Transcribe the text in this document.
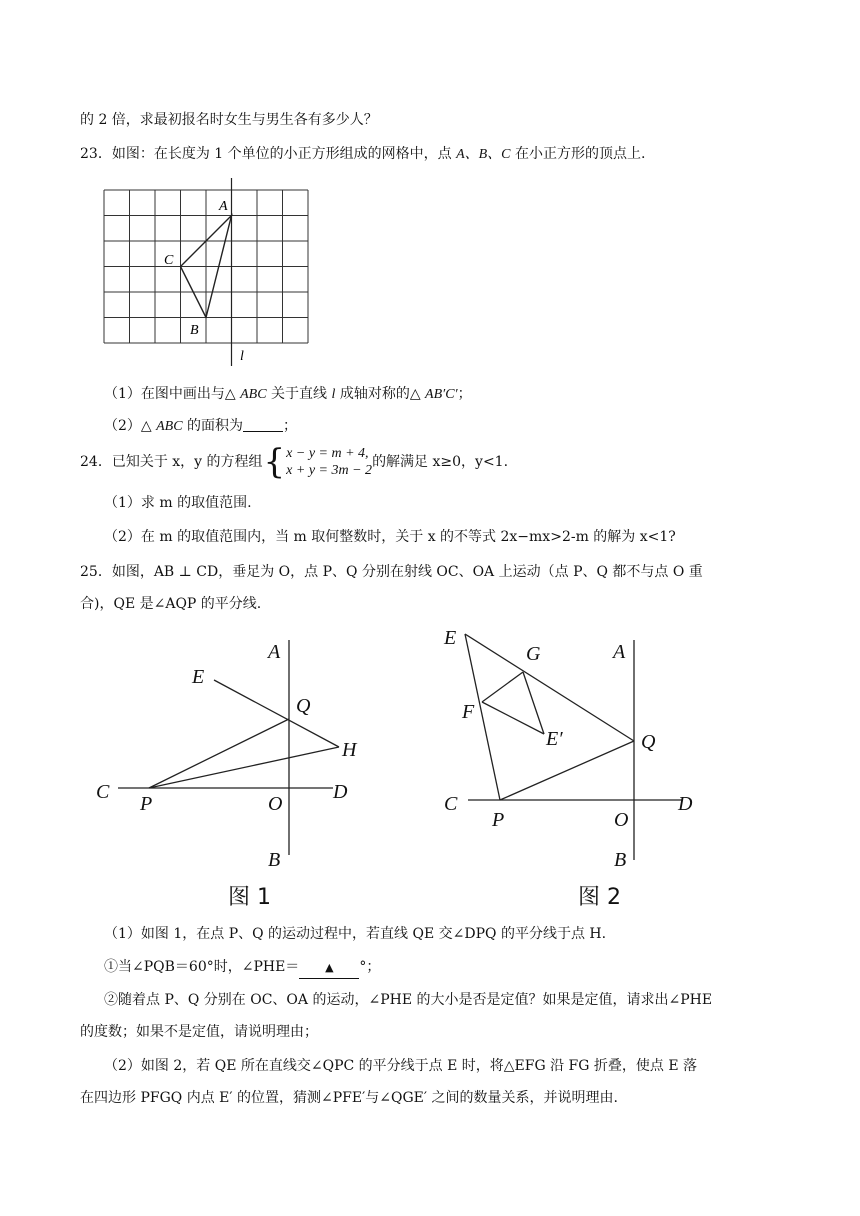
的 2 倍，求最初报名时女生与男生各有多少人？
23．如图：在长度为 1 个单位的小正方形组成的网格中，点 A、B、C 在小正方形的顶点上.
A
C
B
l
（1）在图中画出与△ ABC 关于直线 l 成轴对称的△ AB′C′；
（2）△ ABC 的面积为	；
24．已知关于 x，y 的方程组{ x − y = m + 4,
x + y = 3m − 2
的解满足 x≥0，y<1.
（1）求 m 的取值范围.
（2）在 m 的取值范围内，当 m 取何整数时，关于 x 的不等式 2x−mx>2-m 的解为 x<1?
25．如图，AB ⊥ CD，垂足为 O，点 P、Q 分别在射线 OC、OA 上运动（点 P、Q 都不与点 O 重
合)，QE 是∠AQP 的平分线.
A
E
Q
H
C
P	O
D
B
图 1
E
G	A
F
E′	Q
C
P	O
D
B
图 2
（1）如图 1，在点 P、Q 的运动过程中，若直线 QE 交∠DPQ 的平分线于点 H.
①当∠PQB＝60°时，∠PHE＝ ▲ °；
②随着点 P、Q 分别在 OC、OA 的运动，∠PHE 的大小是否是定值？如果是定值，请求出∠PHE
的度数；如果不是定值，请说明理由；
（2）如图 2，若 QE 所在直线交∠QPC 的平分线于点 E 时，将△EFG 沿 FG 折叠，使点 E 落
在四边形 PFGQ 内点 E′ 的位置，猜测∠PFE′与∠QGE′ 之间的数量关系，并说明理由.
